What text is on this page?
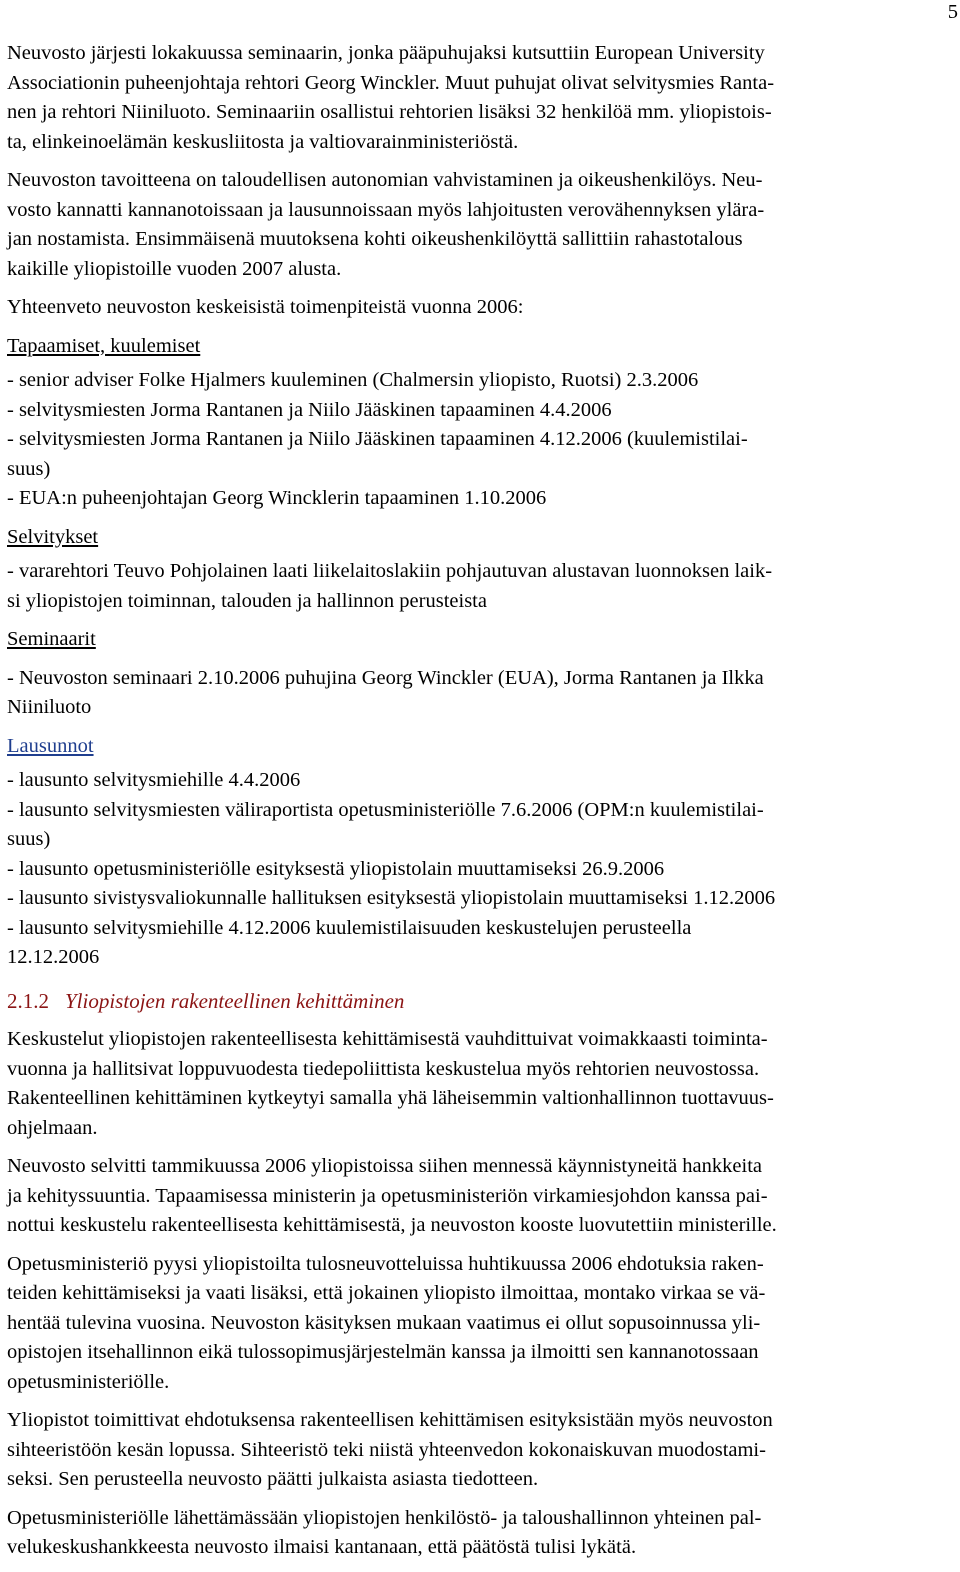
5
Neuvosto järjesti lokakuussa seminaarin, jonka pääpuhujaksi kutsuttiin European University
Associationin puheenjohtaja rehtori Georg Winckler. Muut puhujat olivat selvitysmies Ranta-
nen ja rehtori Niiniluoto. Seminaariin osallistui rehtorien lisäksi 32 henkilöä mm. yliopistois-
ta, elinkeinoelämän keskusliitosta ja valtiovarainministeriöstä.
Neuvoston tavoitteena on taloudellisen autonomian vahvistaminen ja oikeushenkilöys. Neu-
vosto kannatti kannanotoissaan ja lausunnoissaan myös lahjoitusten verovähennyksen ylära-
jan nostamista. Ensimmäisenä muutoksena kohti oikeushenkilöyttä sallittiin rahastotalous
kaikille yliopistoille vuoden 2007 alusta.
Yhteenveto neuvoston keskeisistä toimenpiteistä vuonna 2006:
Tapaamiset, kuulemiset
- senior adviser Folke Hjalmers kuuleminen (Chalmersin yliopisto, Ruotsi) 2.3.2006
- selvitysmiesten Jorma Rantanen ja Niilo Jääskinen tapaaminen 4.4.2006
- selvitysmiesten Jorma Rantanen ja Niilo Jääskinen tapaaminen 4.12.2006 (kuulemistilai-
suus)
- EUA:n puheenjohtajan Georg Wincklerin tapaaminen 1.10.2006
Selvitykset
- vararehtori Teuvo Pohjolainen laati liikelaitoslakiin pohjautuvan alustavan luonnoksen laik-
si yliopistojen toiminnan, talouden ja hallinnon perusteista
Seminaarit
- Neuvoston seminaari 2.10.2006 puhujina Georg Winckler (EUA), Jorma Rantanen ja Ilkka
Niiniluoto
Lausunnot
- lausunto selvitysmiehille 4.4.2006
- lausunto selvitysmiesten väliraportista opetusministeriölle 7.6.2006 (OPM:n kuulemistilai-
suus)
- lausunto opetusministeriölle esityksestä yliopistolain muuttamiseksi 26.9.2006
- lausunto sivistysvaliokunnalle hallituksen esityksestä yliopistolain muuttamiseksi 1.12.2006
- lausunto selvitysmiehille 4.12.2006 kuulemistilaisuuden keskustelujen perusteella
12.12.2006
2.1.2 Yliopistojen rakenteellinen kehittäminen
Keskustelut yliopistojen rakenteellisesta kehittämisestä vauhdittuivat voimakkaasti toiminta-
vuonna ja hallitsivat loppuvuodesta tiedepoliittista keskustelua myös rehtorien neuvostossa.
Rakenteellinen kehittäminen kytkeytyi samalla yhä läheisemmin valtionhallinnon tuottavuus-
ohjelmaan.
Neuvosto selvitti tammikuussa 2006 yliopistoissa siihen mennessä käynnistyneitä hankkeita
ja kehityssuuntia. Tapaamisessa ministerin ja opetusministeriön virkamiesjohdon kanssa pai-
nottui keskustelu rakenteellisesta kehittämisestä, ja neuvoston kooste luovutettiin ministerille.
Opetusministeriö pyysi yliopistoilta tulosneuvotteluissa huhtikuussa 2006 ehdotuksia raken-
teiden kehittämiseksi ja vaati lisäksi, että jokainen yliopisto ilmoittaa, montako virkaa se vä-
hentää tulevina vuosina. Neuvoston käsityksen mukaan vaatimus ei ollut sopusoinnussa yli-
opistojen itsehallinnon eikä tulossopimusjärjestelmän kanssa ja ilmoitti sen kannanotossaan
opetusministeriölle.
Yliopistot toimittivat ehdotuksensa rakenteellisen kehittämisen esityksistään myös neuvoston
sihteeristöön kesän lopussa. Sihteeristö teki niistä yhteenvedon kokonaiskuvan muodostami-
seksi. Sen perusteella neuvosto päätti julkaista asiasta tiedotteen.
Opetusministeriölle lähettämässään yliopistojen henkilöstö- ja taloushallinnon yhteinen pal-
velukeskushankkeesta neuvosto ilmaisi kantanaan, että päätöstä tulisi lykätä.
